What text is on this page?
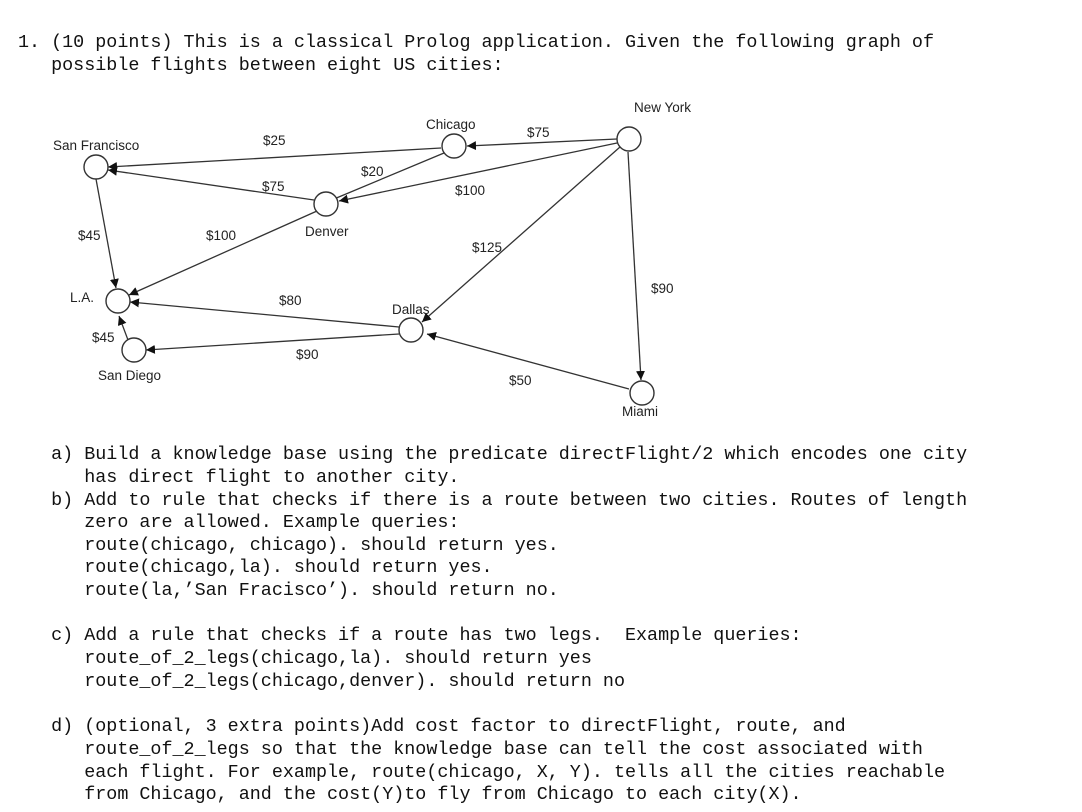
1. (10 points) This is a classical Prolog application. Given the following graph of

possible flights between eight US cities:

San Francisco
Chicago
New York
Denver
L.A.
Dallas
San Diego
Miami
$25
$75
$75
$20
$100
$45	$100
$125
$90
$80
$45
$90
$50

a) Build a knowledge base using the predicate directFlight/2 which encodes one city

has direct flight to another city.

b) Add to rule that checks if there is a route between two cities. Routes of length

zero are allowed. Example queries:

route(chicago, chicago). should return yes.

route(chicago,la). should return yes.

route(la,’San Fracisco’). should return no.

c) Add a rule that checks if a route has two legs.  Example queries:

route_of_2_legs(chicago,la). should return yes

route_of_2_legs(chicago,denver). should return no

d) (optional, 3 extra points)Add cost factor to directFlight, route, and

route_of_2_legs so that the knowledge base can tell the cost associated with

each flight. For example, route(chicago, X, Y). tells all the cities reachable

from Chicago, and the cost(Y)to fly from Chicago to each city(X).
